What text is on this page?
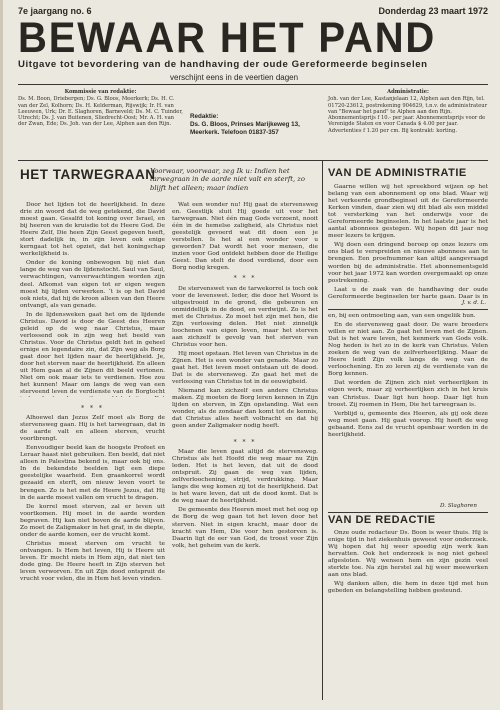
7e jaargang no. 6	Donderdag 23 maart 1972
BEWAAR HET PAND
Uitgave tot bevordering van de handhaving der oude Gereformeerde beginselen
verschijnt eens in de veertien dagen
Kommissie van redaktie:
Ds. M. Boon, Driebergen; Ds. G. Bloos, Meerkerk; Ds. H. C. van der Zel, Kolhorn; Ds. H. Kelderman, Rijswijk; Ir. H. van Leeuwen, Urk; Dr. E. Slaghoren, Barneveld; Ds. M. C. Tuinder, Utrecht; Ds. J. van Buitenen, Sliedrecht-Oost; Mr. A. H. van der Zwan, Ede; Ds. Joh. van der Lee, Alphen aan den Rijn.
Redaktie:
Ds. G. Bloos, Prinses Marijkeweg 13,
Meerkerk. Telefoon 01837-357
Administratie:
Joh. van der Lee, Kastanjelaan 12, Alphen aan den Rijn, tel. 01720-23612, postrekening 904629, t.n.v. de administrateur van "Bewaar het pand" te Alphen aan den Rijn. Abonnementsprijs f 10.- per jaar. Abonnementsprijs voor de Verenigde Staten en voor Canada $ 4.00 per jaar. Advertenties f 1.20 per cm. Bij kontrakt: korting.
HET TARWEGRAAN
Voorwaar, voorwaar, zeg Ik u: Indien het tarwegraan in de aarde niet valt en sterft, zo blijft het alleen; maar indien

Door het lijden tot de heerlijkheid. In deze drie zin woord dat de weg getekend, die David moest gaan. Gesalfd tot koning over Israel, en bij heeren van de kruisdie tot de Heere God. De Heere Zelf, Die heen Zijn Geest gegeven heeft, stort dadelijk in, in zijn leven ook enige kerngaat tot het opziet, dat het koningschap werkelijkheid is.

Onder de koning onbewogen bij niet dan lange de weg van de lijdenstocht. Saul van Saul, verwachtingen, vanverwachtingen worden zijn deel. Afkomst van eigen tot er eigen wegen moest hij lijden verwerken. ‘t is op het David ook niets, dat hij de kroon alleen van den Heere ontvangt, als van genade.

In de lijdensweken gaat het om de lijdende Christus. David is door de Geest des Heeren geleid op de weg naar Christus, maar verlossend ook in zijn weg het beeld van Christus. Voor de Christus geldt het in geheel ernige en legendaire zin, dat Zijn weg als Borg gaat door het lijden naar de heerlijkheid. Je, door het sterven naar de heerlijkheid. En alleen uit Hem gaan al de Zijnen dit beeld vertonen. Niet om ook maar iets te verdienen. Hoe zou het kunnen! Maar om langs de weg van een sterveend leven de verdienste van de Borgtocht

* * *

Alhoewel dan Jezus Zelf moet als Borg de stervensweg gaan. Hij is het tarwegraan, dat in de aarde valt en alleen sterven, vrucht voortbrengt.

Eenvoudiger beeld kan de hoogste Profeet en Leraar haast niet gebruiken. Een beeld, dat niet alleen in Palestina bekend is, maar ook bij ons. In de bekendste beelden ligt een diepe geestelijke waarheid. Een graankorrel wordt gezaaid en sterft, om nieuw leven voort te brengen. Zo is het met de Heere Jezus, dat Hij in de aarde moest vallen om vrucht te dragen.

De korrel moet sterven, zal er leven uit voortkomen. Hij moet in de aarde worden begraven. Hij kan niet boven de aarde blijven. Zo moet de Zaligmaker in het graf, in de diepte, onder de aarde komen, eer de vrucht komt.

Christus moest sterven om vrucht te ontvangen. Is Hem het leven, Hij is Heere uit leven. Er mocht niets in Hem zijn, dat niet ten dode ging. De Heere heeft in Zijn sterven het leven verworven. En uit Zijn dood ontspruit de vrucht voor velen, die in Hem het leven vinden.

Wat een wonder nu! Hij gaat de stervensweg en. Geestlijk sluit Hij goede uit voor het tarwegraan. Niet één mag Gods verzoent, nooit één in de hemelse zaligheid, als Christus niet geestelijk gevoerd wat dit doen een je verstellen. Is het al een wonder voor u geworden? Dat wordt het voor mensen, die inzien voor God ontdekt hebben door de Heilige Geest. Dan stelt de dood verdiend, door een Borg nodig kregen.

* * *

De stervenswet van de tarwekorrel is toch ook voor de levenswet. Ieder, die door het Woord is uitgestrooid in de grond, die gebeuren en onmiddellijk in de dood, en verdwijnt. Zo is het met de Christus. Zo moet het zijn met hen, die Zijn verlossing delen. Het niet zinnelijk loochenen van eigen leven, maar het sterven aan zichzelf is gevolg van het sterven van Christus voor hen.

Hij moet opstaan. Het leven van Christus in de Zijnen. Het is een wonder van genade. Maar zo gaat het. Het leven moet ontstaan uit de dood. Dat is de stervensweg. Zo gaat het met de verlossing van Christus tot in de eeuwigheid.

Niemand kan zichzelf een andere Christus maken. Zij moeten de Borg leren kennen in Zijn lijden en sterven, in Zijn opstanding. Wat een wonder, als de zondaar dan komt tot de kennis, dat Christus alles heeft volbracht en dat hij geen ander Zaligmaker nodig heeft.

* * *

Maar die leven gaat altijd de stervensweg. Christus als het Hoofd die weg maar nu Zijn leden. Het is het leven, dat uit de dood ontspruit. Zij gaan de weg van lijden, zelfverloochening, strijd, verdrukking. Maar langs die weg komen zij tot de heerlijkheid. Dat is het ware leven, dat uit de dood komt. Dat is de weg naar de heerlijkheid.

De gemeente des Heeren moet met het oog op de Borg de weg gaan tot het leven door het sterven. Niet in eigen kracht, maar door de kracht van Hem, Die voor hen gestorven is. Daarin ligt de eer van God, de troost voor Zijn volk, het geheim van de kerk.

VAN DE ADMINISTRATIE

Gaarne willen wij het spreekbord wijzen op het belang van een abonnement op ons blad. Waar wij het verkeerde grondbeginsel uit de Gereformeerde Kerken vinden, daar zien wij dit blad als een middel tot versterking van het onderwijs voor de Gereformeerde beginselen. In het laatste jaar is het aantal abonnees gestegen. Wij hopen dit jaar nog meer lezers te krijgen.

Wij doen een dringend beroep op onze lezers om ons blad te verspreiden en nieuwe abonnees aan te brengen. Een proefnummer kan altijd aangevraagd worden bij de administratie. Het abonnementsgeld voor het jaar 1972 kan worden overgemaakt op onze postrekening.

Laat u de zaak van de handhaving der oude Gereformeerde beginselen ter harte gaan. Daar is in

J. v. d. L.

en, bij een ontmoeting aan, van een ongeliik hun.

En de stervensweg gaat door. De ware broeders willen er niet aan. Zo gaat het leven met de Zijnen. Dat is het ware leven, het kenmerk van Gods volk. Nog heden is het zo in de kerk van Christus. Velen zoeken de weg van de zelfverheerlijking. Maar de Heere leidt Zijn volk langs de weg van de verloochening. En zo leren zij de verdienste van de Borg kennen.

Dat worden de Zijnen zich niet verheerlijken in eigen werk, maar zij verheerlijken zich in het kruis van Christus. Daar ligt hun hoop. Daar ligt hun troost. Zij roemen in Hem, Die het tarwegraan is.

Verblijd u, gemeente des Heeren, als gij ook deze weg moet gaan. Hij gaat voorop. Hij heeft de weg gebaand. Eens zal de vrucht openbaar worden in de heerlijkheid.

D. Slaghoren
VAN DE REDACTIE

Onze oude redacteur Ds. Boon is weer thuis. Hij is enige tijd in het ziekenhuis geweest voor onderzoek. Wij hopen dat hij weer spoedig zijn werk kan hervatten. Ook het onderzoek is nog niet geheel afgesloten. Wij wensen hem en zijn gezin veel sterkte toe. Na zijn herstel zal hij weer meewerken aan ons blad.

Wij danken allen, die hem in deze tijd met hun gebeden en belangstelling hebben gesteund.
